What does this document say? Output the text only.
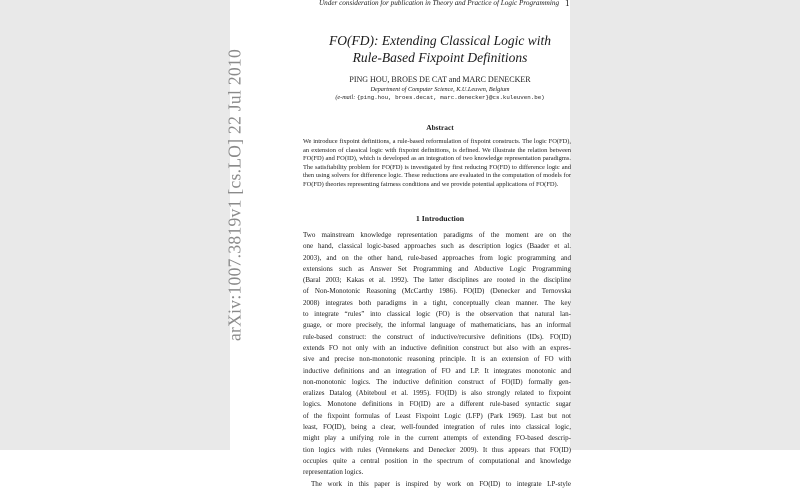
arXiv:1007.3819v1 [cs.LO] 22 Jul 2010
Under consideration for publication in Theory and Practice of Logic Programming 1
FO(FD): Extending Classical Logic with
Rule-Based Fixpoint Definitions
PING HOU, BROES DE CAT and MARC DENECKER
Department of Computer Science, K.U.Leuven, Belgium
(e-mail: {ping.hou, broes.decat, marc.denecker}@cs.kuleuven.be)
Abstract
We introduce fixpoint definitions, a rule-based reformulation of fixpoint constructs. The logic FO(FD), an extension of classical logic with fixpoint definitions, is defined. We illustrate the relation between FO(FD) and FO(ID), which is developed as an integration of two knowledge representation paradigms. The satisfiability problem for FO(FD) is investigated by first reducing FO(FD) to difference logic and then using solvers for difference logic. These reductions are evaluated in the computation of models for FO(FD) theories representing fairness conditions and we provide potential applications of FO(FD).
1 Introduction
Two mainstream knowledge representation paradigms of the moment are on the
one hand, classical logic-based approaches such as description logics (Baader et al.
2003), and on the other hand, rule-based approaches from logic programming and
extensions such as Answer Set Programming and Abductive Logic Programming
(Baral 2003; Kakas et al. 1992). The latter disciplines are rooted in the discipline
of Non-Monotonic Reasoning (McCarthy 1986). FO(ID) (Denecker and Ternovska
2008) integrates both paradigms in a tight, conceptually clean manner. The key
to integrate “rules” into classical logic (FO) is the observation that natural lan-
guage, or more precisely, the informal language of mathematicians, has an informal
rule-based construct: the construct of inductive/recursive definitions (IDs). FO(ID)
extends FO not only with an inductive definition construct but also with an expres-
sive and precise non-monotonic reasoning principle. It is an extension of FO with
inductive definitions and an integration of FO and LP. It integrates monotonic and
non-monotonic logics. The inductive definition construct of FO(ID) formally gen-
eralizes Datalog (Abiteboul et al. 1995). FO(ID) is also strongly related to fixpoint
logics. Monotone definitions in FO(ID) are a different rule-based syntactic sugar
of the fixpoint formulas of Least Fixpoint Logic (LFP) (Park 1969). Last but not
least, FO(ID), being a clear, well-founded integration of rules into classical logic,
might play a unifying role in the current attempts of extending FO-based descrip-
tion logics with rules (Vennekens and Denecker 2009). It thus appears that FO(ID)
occupies quite a central position in the spectrum of computational and knowledge
representation logics.
The work in this paper is inspired by work on FO(ID) to integrate LP-style
